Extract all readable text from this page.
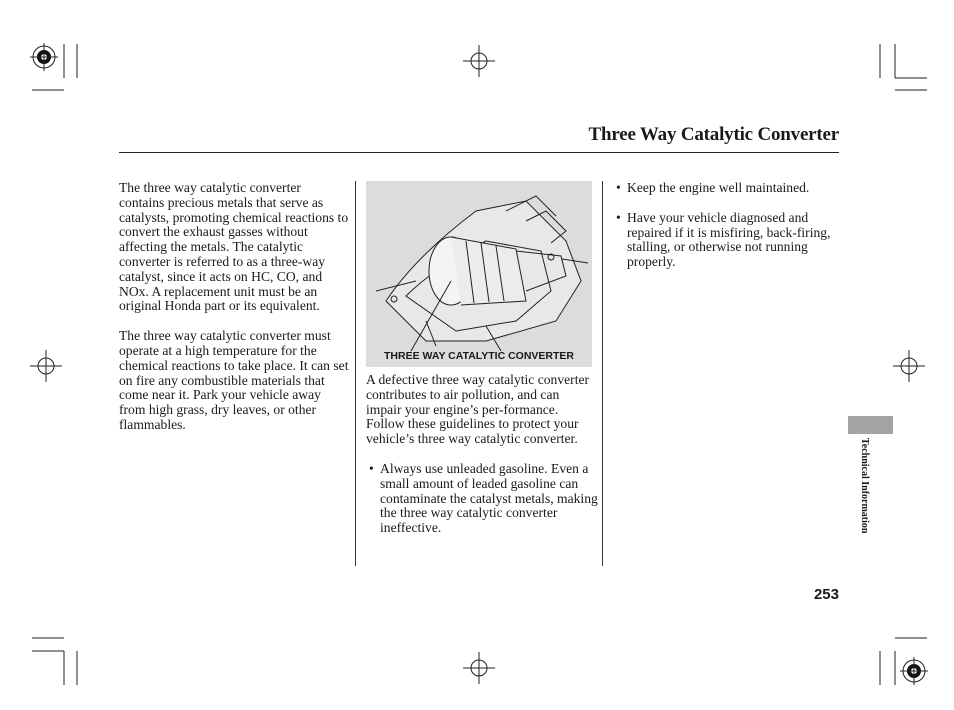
Three Way Catalytic Converter

The three way catalytic converter contains precious metals that serve as catalysts, promoting chemical reactions to convert the exhaust gasses without affecting the metals. The catalytic converter is referred to as a three-way catalyst, since it acts on HC, CO, and NOx. A replacement unit must be an original Honda part or its equivalent.

The three way catalytic converter must operate at a high temperature for the chemical reactions to take place. It can set on fire any combustible materials that come near it. Park your vehicle away from high grass, dry leaves, or other flammables.

THREE WAY CATALYTIC CONVERTER

A defective three way catalytic converter contributes to air pollution, and can impair your engine’s per-formance. Follow these guidelines to protect your vehicle’s three way catalytic converter.

• Always use unleaded gasoline. Even a small amount of leaded gasoline can contaminate the catalyst metals, making the three way catalytic converter ineffective.
• Keep the engine well maintained.
• Have your vehicle diagnosed and repaired if it is misfiring, back-firing, stalling, or otherwise not running properly.
Technical Information
253
